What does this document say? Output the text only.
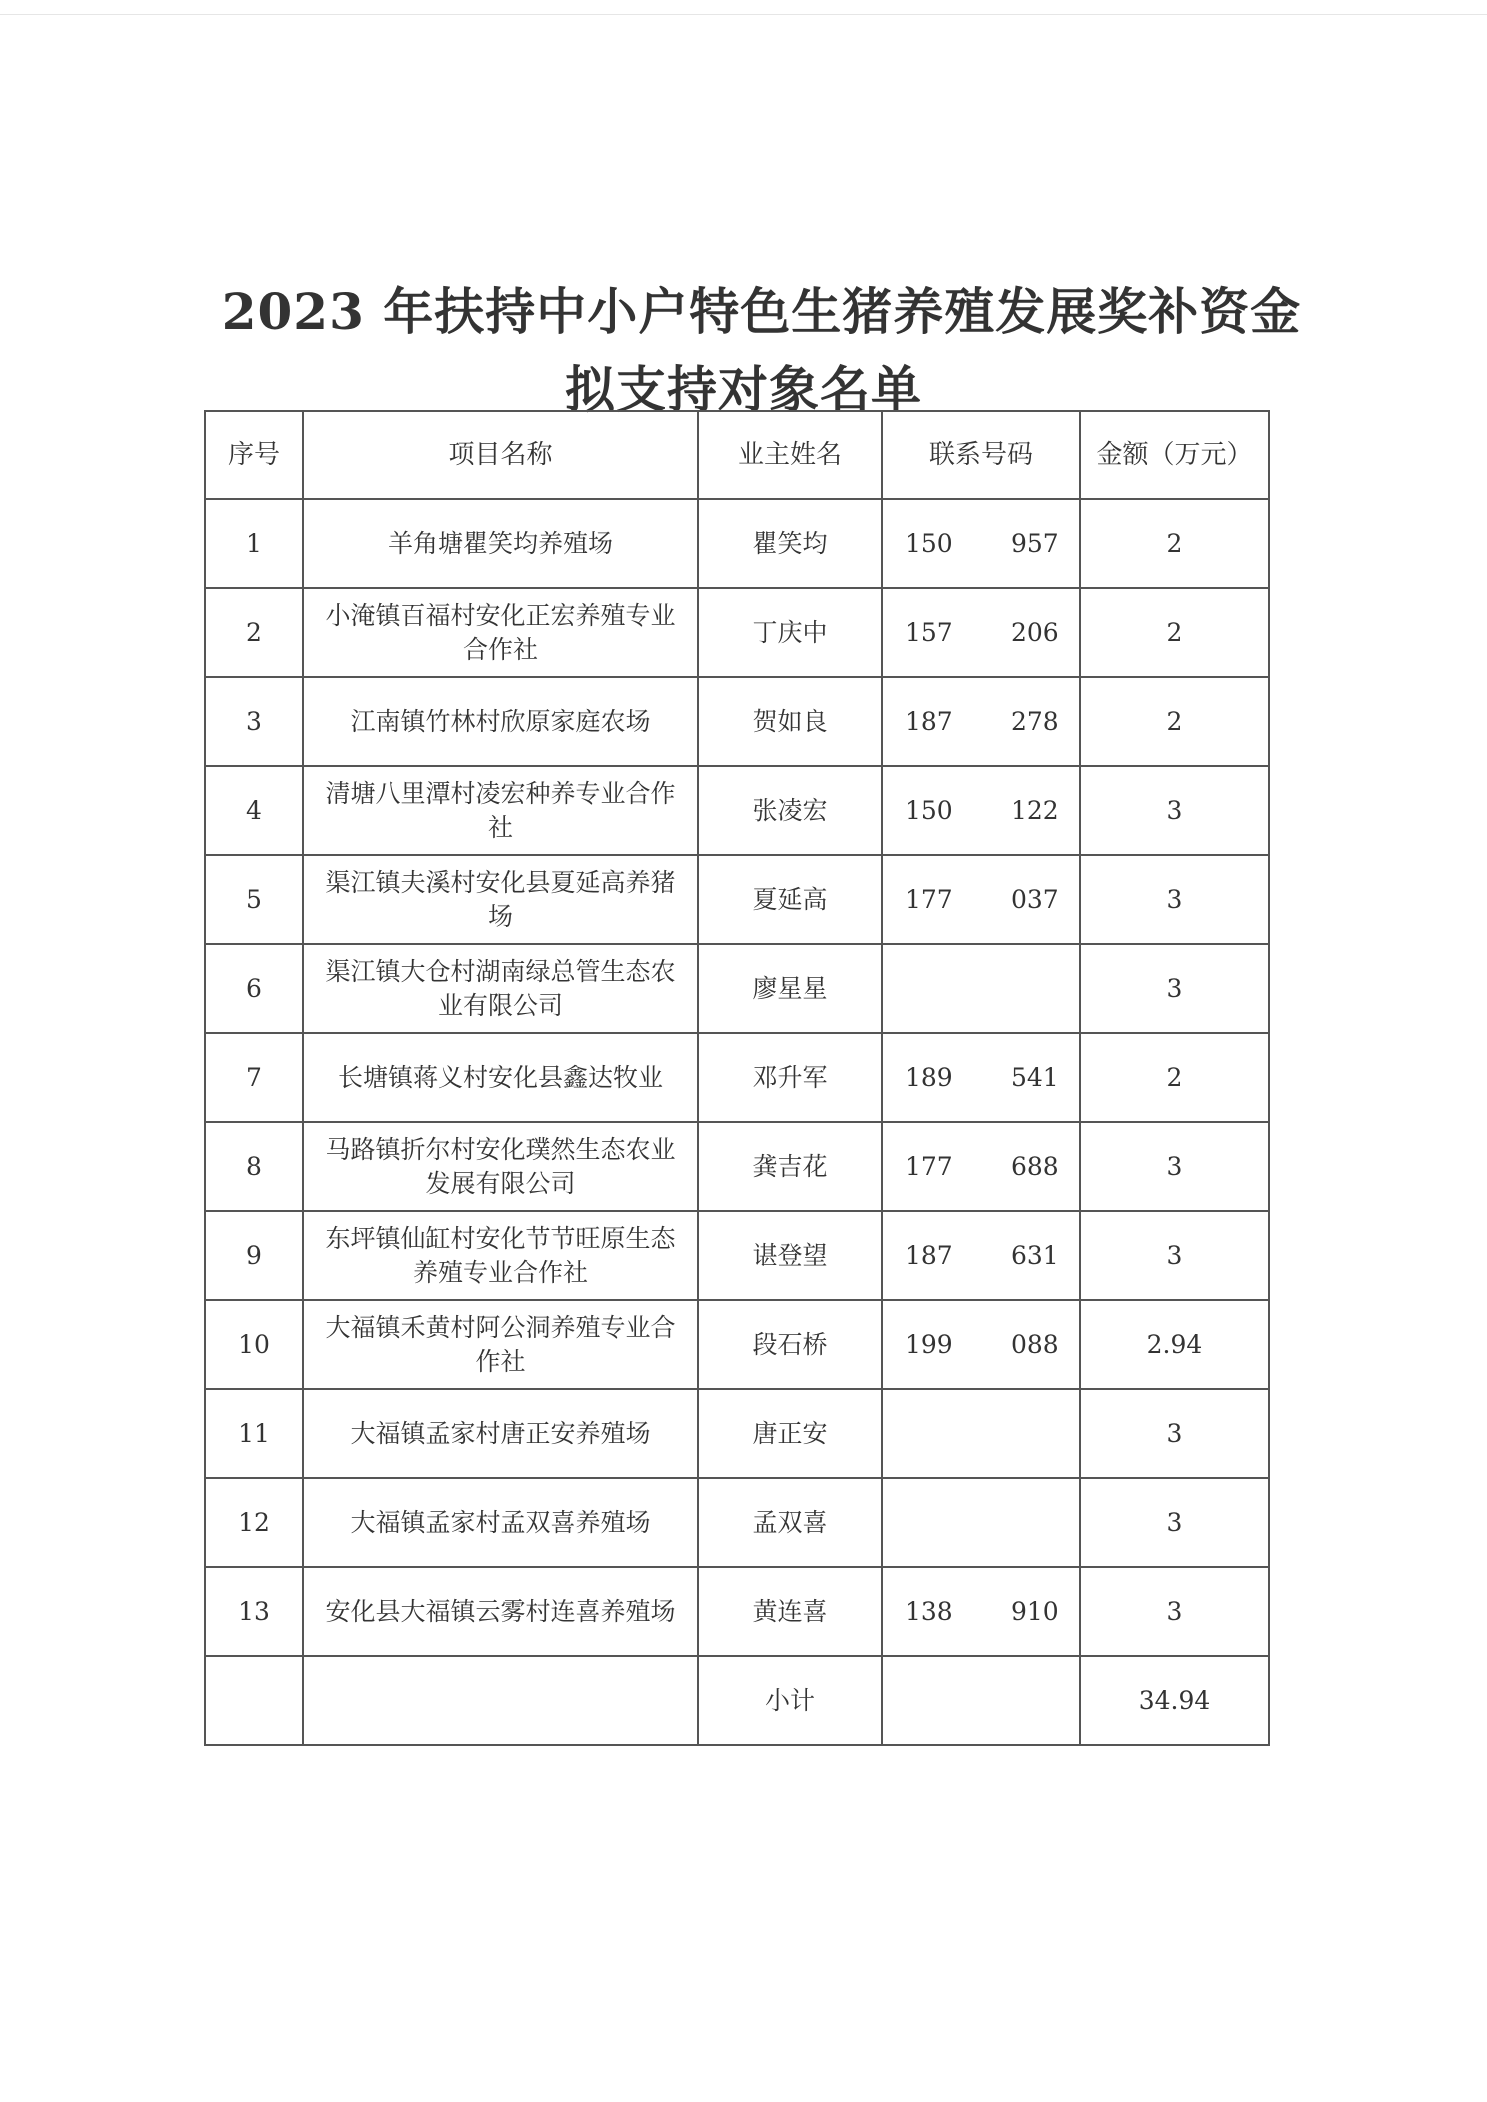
2023 年扶持中小户特色生猪养殖发展奖补资金
拟支持对象名单
序号	项目名称	业主姓名	联系号码	金额（万元）
1	羊角塘瞿笑均养殖场	瞿笑均	150 957	2
2	小淹镇百福村安化正宏养殖专业合作社	丁庆中	157 206	2
3	江南镇竹林村欣原家庭农场	贺如良	187 278	2
4	清塘八里潭村凌宏种养专业合作社	张凌宏	150 122	3
5	渠江镇夫溪村安化县夏延高养猪场	夏延高	177 037	3
6	渠江镇大仓村湖南绿总管生态农业有限公司	廖星星		3
7	长塘镇蒋义村安化县鑫达牧业	邓升军	189 541	2
8	马路镇折尔村安化璞然生态农业发展有限公司	龚吉花	177 688	3
9	东坪镇仙缸村安化节节旺原生态养殖专业合作社	谌登望	187 631	3
10	大福镇禾黄村阿公洞养殖专业合作社	段石桥	199 088	2.94
11	大福镇孟家村唐正安养殖场	唐正安		3
12	大福镇孟家村孟双喜养殖场	孟双喜		3
13	安化县大福镇云雾村连喜养殖场	黄连喜	138 910	3
		小计		34.94
